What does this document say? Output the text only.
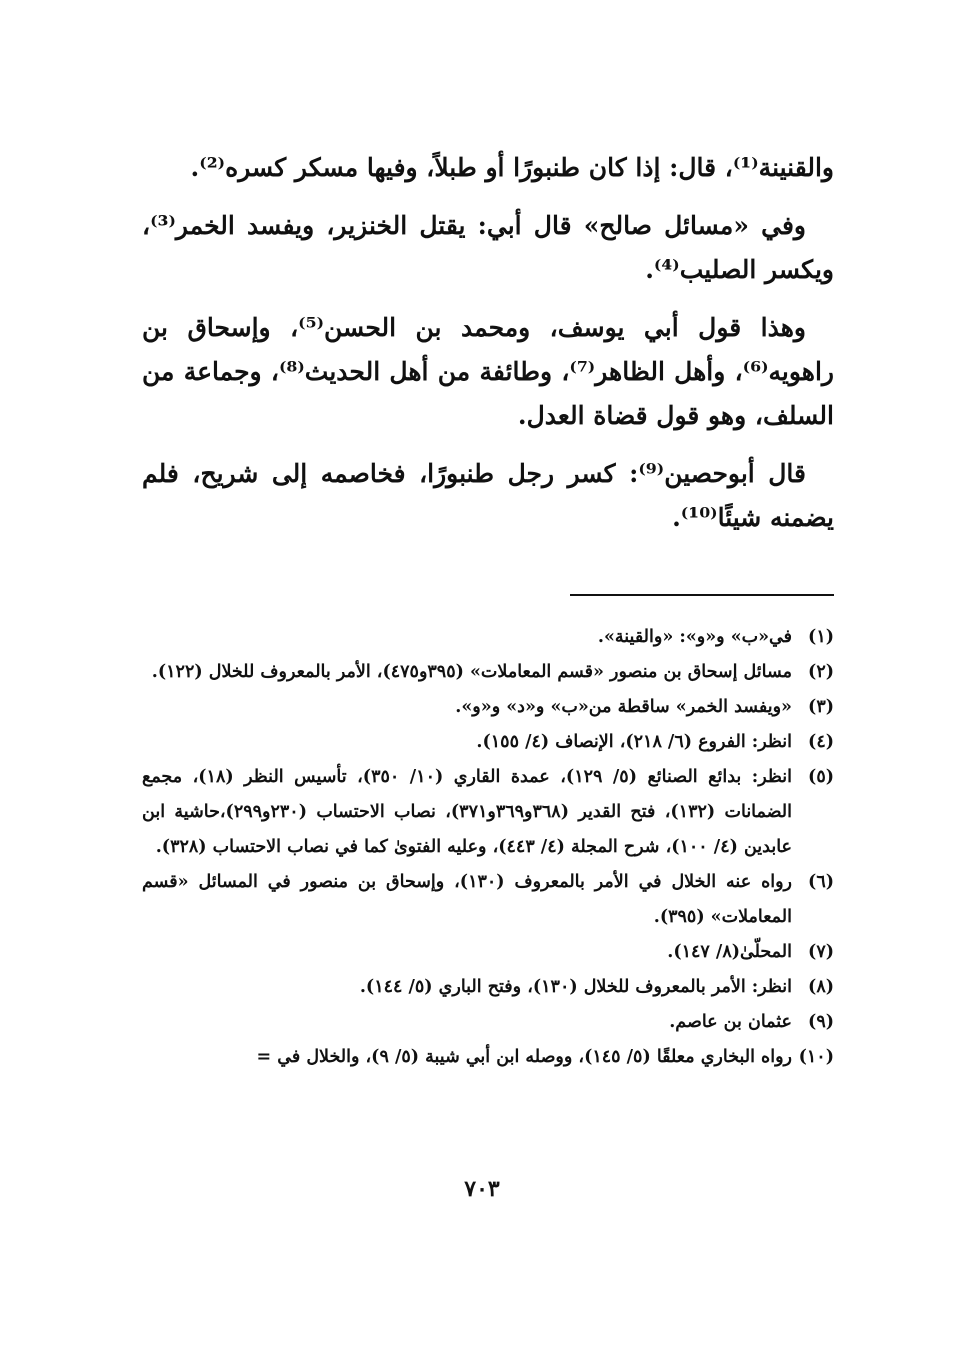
والقنينة⁽¹⁾، قال: إذا كان طنبورًا أو طبلاً، وفيها مسكر كسره⁽²⁾.

وفي «مسائل صالح» قال أبي: يقتل الخنزير، ويفسد الخمر⁽³⁾، ويكسر الصليب⁽⁴⁾.

وهذا قول أبي يوسف، ومحمد بن الحسن⁽⁵⁾، وإسحاق بن راهويه⁽⁶⁾، وأهل الظاهر⁽⁷⁾، وطائفة من أهل الحديث⁽⁸⁾، وجماعة من السلف، وهو قول قضاة العدل.

قال أبوحصين⁽⁹⁾: كسر رجل طنبورًا، فخاصمه إلى شريح، فلم يضمنه شيئًا⁽¹⁰⁾.

(١)
في«ب» و«و»: «والقينة».
(٢)
مسائل إسحاق بن منصور «قسم المعاملات» (٣٩٥و٤٧٥)، الأمر بالمعروف للخلال (١٢٢).
(٣)
«ويفسد الخمر» ساقطة من«ب» و«د» و«و».
(٤)
انظر: الفروع (٦/ ٢١٨)، الإنصاف (٤/ ١٥٥).
(٥)
انظر: بدائع الصنائع (٥/ ١٢٩)، عمدة القاري (١٠/ ٣٥٠)، تأسيس النظر (١٨)، مجمع الضمانات (١٣٢)، فتح القدير (٣٦٨و٣٦٩و٣٧١)، نصاب الاحتساب (٢٣٠و٢٩٩)،حاشية ابن عابدين (٤/ ١٠٠)، شرح المجلة (٤/ ٤٤٣)، وعليه الفتوىٰ كما في نصاب الاحتساب (٣٢٨).
(٦)
رواه عنه الخلال في الأمر بالمعروف (١٣٠)، وإسحاق بن منصور في المسائل «قسم المعاملات» (٣٩٥).
(٧)
المحلّىٰ(٨/ ١٤٧).
(٨)
انظر: الأمر بالمعروف للخلال (١٣٠)، وفتح الباري (٥/ ١٤٤).
(٩)
عثمان بن عاصم.
(١٠)
رواه البخاري معلقًا (٥/ ١٤٥)، ووصله ابن أبي شيبة (٥/ ٩)، والخلال في =
٧٠٣
